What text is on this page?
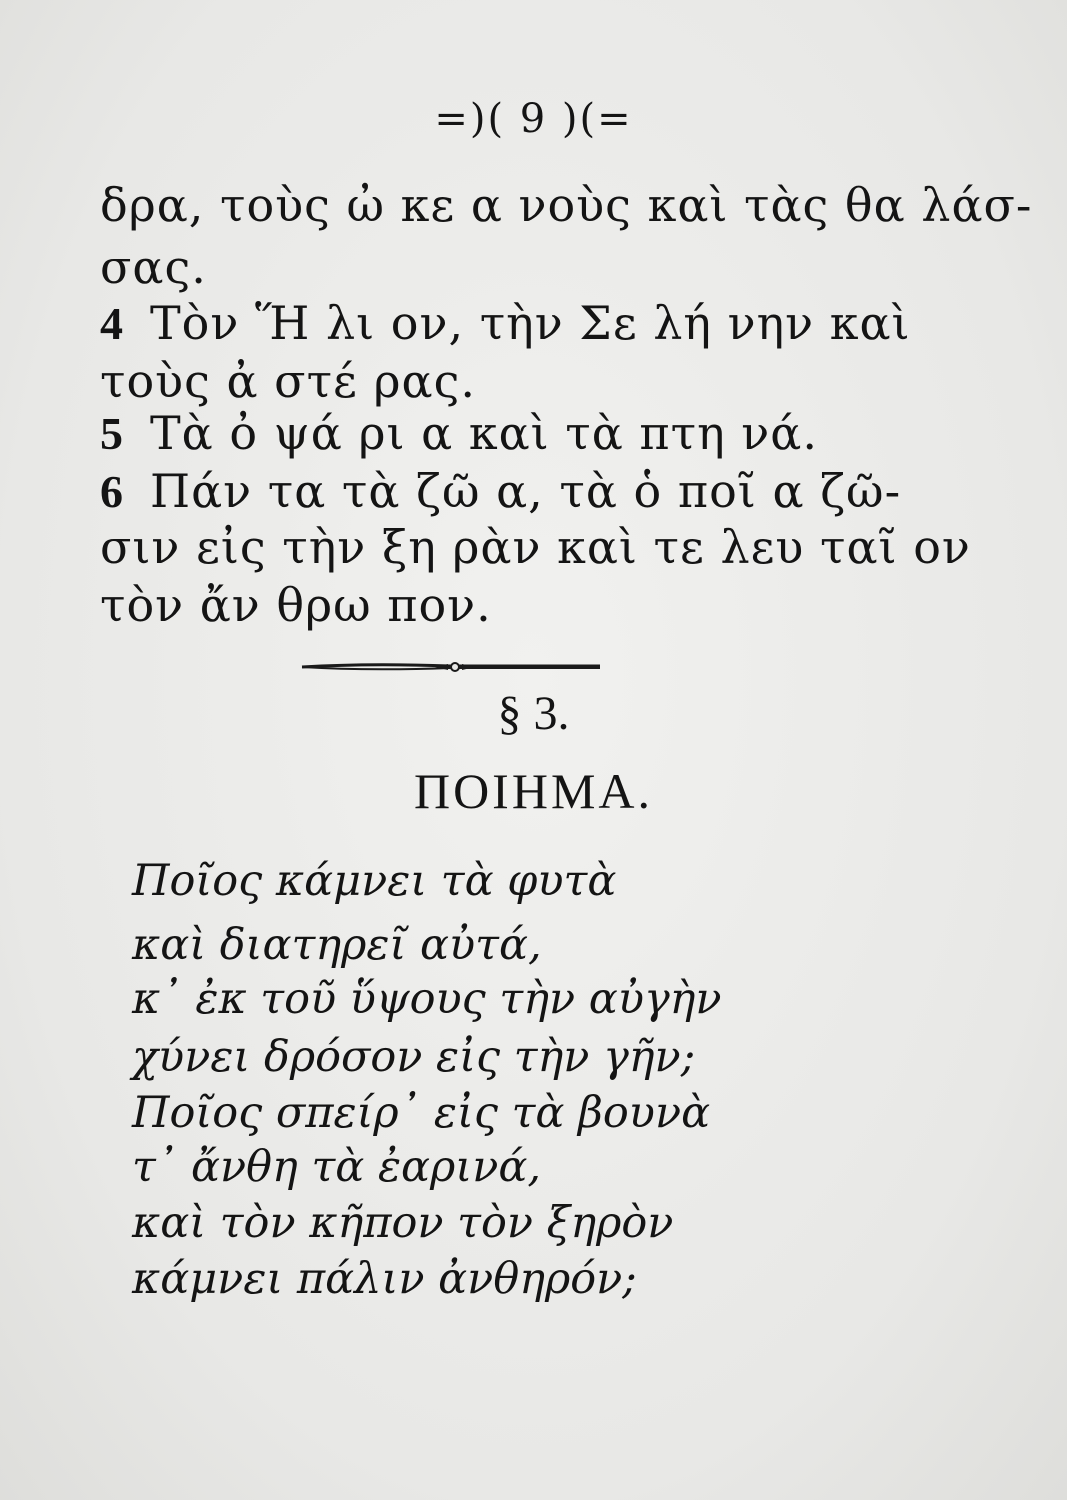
=)( 9 )(=
δρα, τοὺς ὠ κε α νοὺς καὶ τὰς θα λάσ-
σας.
4 Τὸν Ἥ λι ον, τὴν Σε λή νην καὶ
τοὺς ἀ στέ ρας.
5 Τὰ ὀ ψά ρι α καὶ τὰ πτη νά.
6 Πάν τα τὰ ζῶ α, τὰ ὁ ποῖ α ζῶ-
σιν εἰς τὴν ξη ρὰν καὶ τε λευ ταῖ ον
τὸν ἄν θρω πον.
§ 3.
ΠΟΙΗΜΑ.
Ποῖος κάμνει τὰ φυτὰ
καὶ διατηρεῖ αὐτά,
κ᾽ ἐκ τοῦ ὕψους τὴν αὐγὴν
χύνει δρόσον εἰς τὴν γῆν;
Ποῖος σπείρ᾽ εἰς τὰ βουνὰ
τ᾽ ἄνθη τὰ ἐαρινά,
καὶ τὸν κῆπον τὸν ξηρὸν
κάμνει πάλιν ἀνθηρόν;
